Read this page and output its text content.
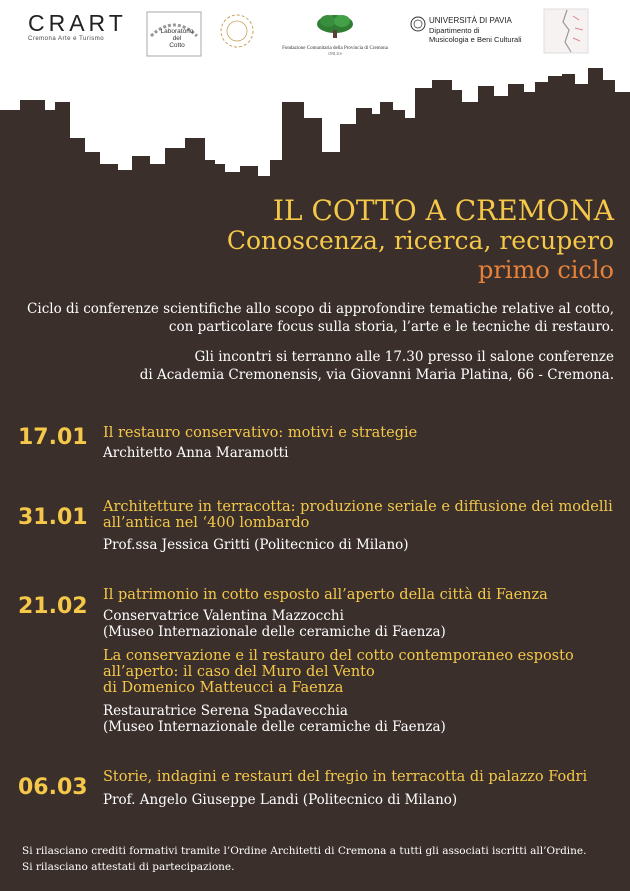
CRART
Cremona Arte e Turismo
Laboratorio
del
Cotto	Fondazione Comunitaria della Provincia di Cremona
ONLUS
UNIVERSITÀ DI PAVIA
Dipartimento di
Musicologia e Beni Culturali
IL COTTO A CREMONA
Conoscenza, ricerca, recupero
primo ciclo
Ciclo di conferenze scientifiche allo scopo di approfondire tematiche relative al cotto, con particolare focus sulla storia, l’arte e le tecniche di restauro.
Gli incontri si terranno alle 17.30 presso il salone conferenze
di Academia Cremonensis, via Giovanni Maria Platina, 66 - Cremona.
17.01 Il restauro conservativo: motivi e strategie
Architetto Anna Maramotti
31.01 Architetture in terracotta: produzione seriale e diffusione dei modelli all’antica nel ‘400 lombardo
Prof.ssa Jessica Gritti (Politecnico di Milano)
21.02 Il patrimonio in cotto esposto all’aperto della città di Faenza
Conservatrice Valentina Mazzocchi
(Museo Internazionale delle ceramiche di Faenza)
La conservazione e il restauro del cotto contemporaneo esposto
all’aperto: il caso del Muro del Vento
di Domenico Matteucci a Faenza
Restauratrice Serena Spadavecchia
(Museo Internazionale delle ceramiche di Faenza)
06.03 Storie, indagini e restauri del fregio in terracotta di palazzo Fodri
Prof. Angelo Giuseppe Landi (Politecnico di Milano)
Si rilasciano crediti formativi tramite l’Ordine Architetti di Cremona a tutti gli associati iscritti all’Ordine.
Si rilasciano attestati di partecipazione.
